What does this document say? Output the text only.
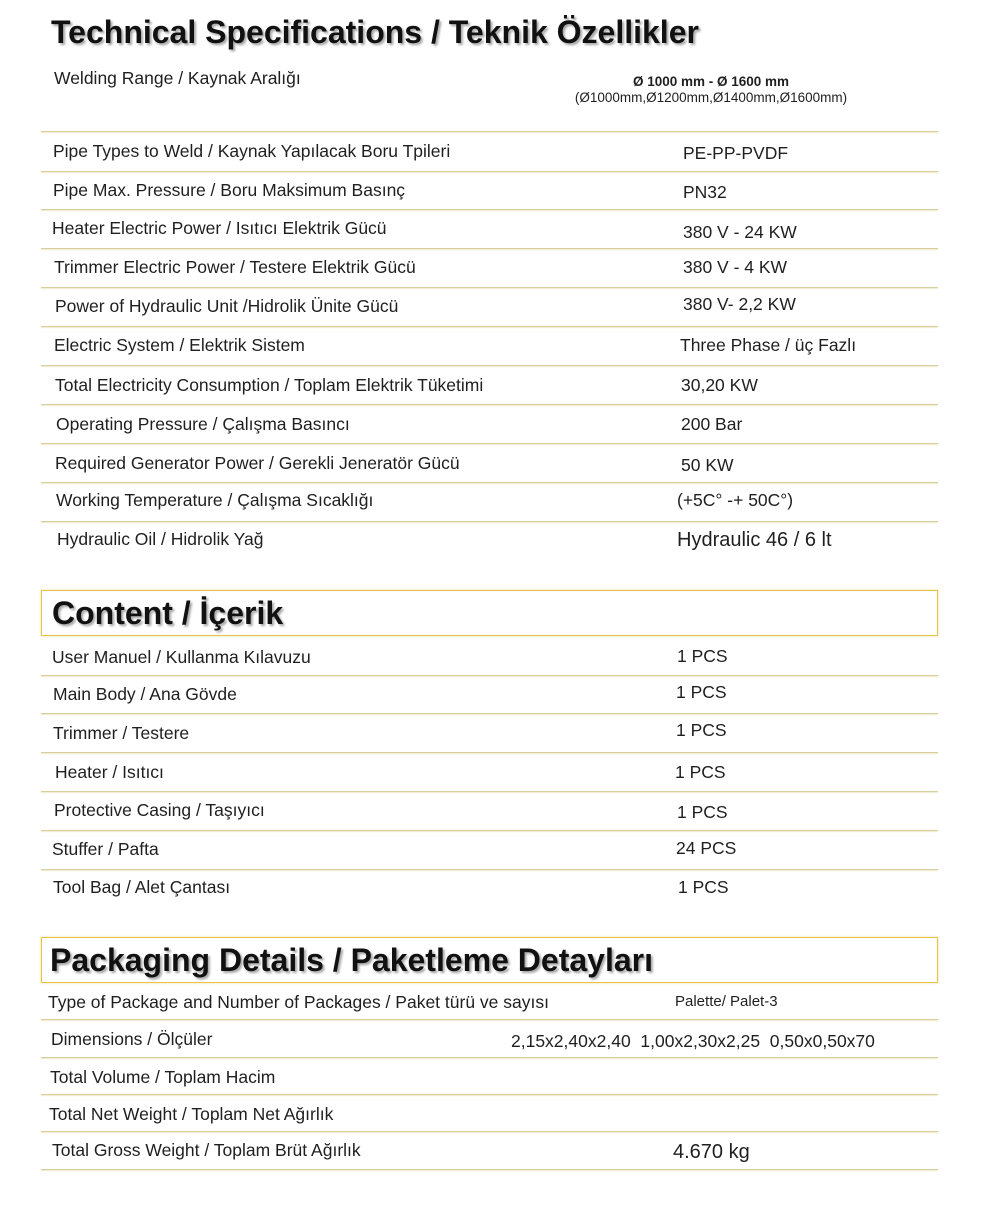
Technical Specifications / Teknik Özellikler
Welding Range / Kaynak Aralığı	Ø 1000 mm - Ø 1600 mm
(Ø1000mm,Ø1200mm,Ø1400mm,Ø1600mm)
Pipe Types to Weld / Kaynak Yapılacak Boru Tpileri	PE-PP-PVDF
Pipe Max. Pressure / Boru Maksimum Basınç	PN32
Heater Electric Power / Isıtıcı Elektrik Gücü	380 V - 24 KW
Trimmer Electric Power / Testere Elektrik Gücü	380 V - 4 KW
Power of Hydraulic Unit /Hidrolik Ünite Gücü	380 V- 2,2 KW
Electric System / Elektrik Sistem	Three Phase / üç Fazlı
Total Electricity Consumption / Toplam Elektrik Tüketimi	30,20 KW
Operating Pressure / Çalışma Basıncı	200 Bar
Required Generator Power / Gerekli Jeneratör Gücü	50 KW
Working Temperature / Çalışma Sıcaklığı	(+5C° -+ 50C°)
Hydraulic Oil / Hidrolik Yağ	Hydraulic 46 / 6 lt
Content / İçerik
User Manuel / Kullanma Kılavuzu	1 PCS
Main Body / Ana Gövde	1 PCS
Trimmer / Testere	1 PCS
Heater / Isıtıcı	1 PCS
Protective Casing / Taşıyıcı	1 PCS
Stuffer / Pafta	24 PCS
Tool Bag / Alet Çantası	1 PCS
Packaging Details / Paketleme Detayları
Type of Package and Number of Packages / Paket türü ve sayısı	Palette/ Palet-3
Dimensions / Ölçüler	2,15x2,40x2,40  1,00x2,30x2,25  0,50x0,50x70
Total Volume / Toplam Hacim
Total Net Weight / Toplam Net Ağırlık
Total Gross Weight / Toplam Brüt Ağırlık	4.670 kg
